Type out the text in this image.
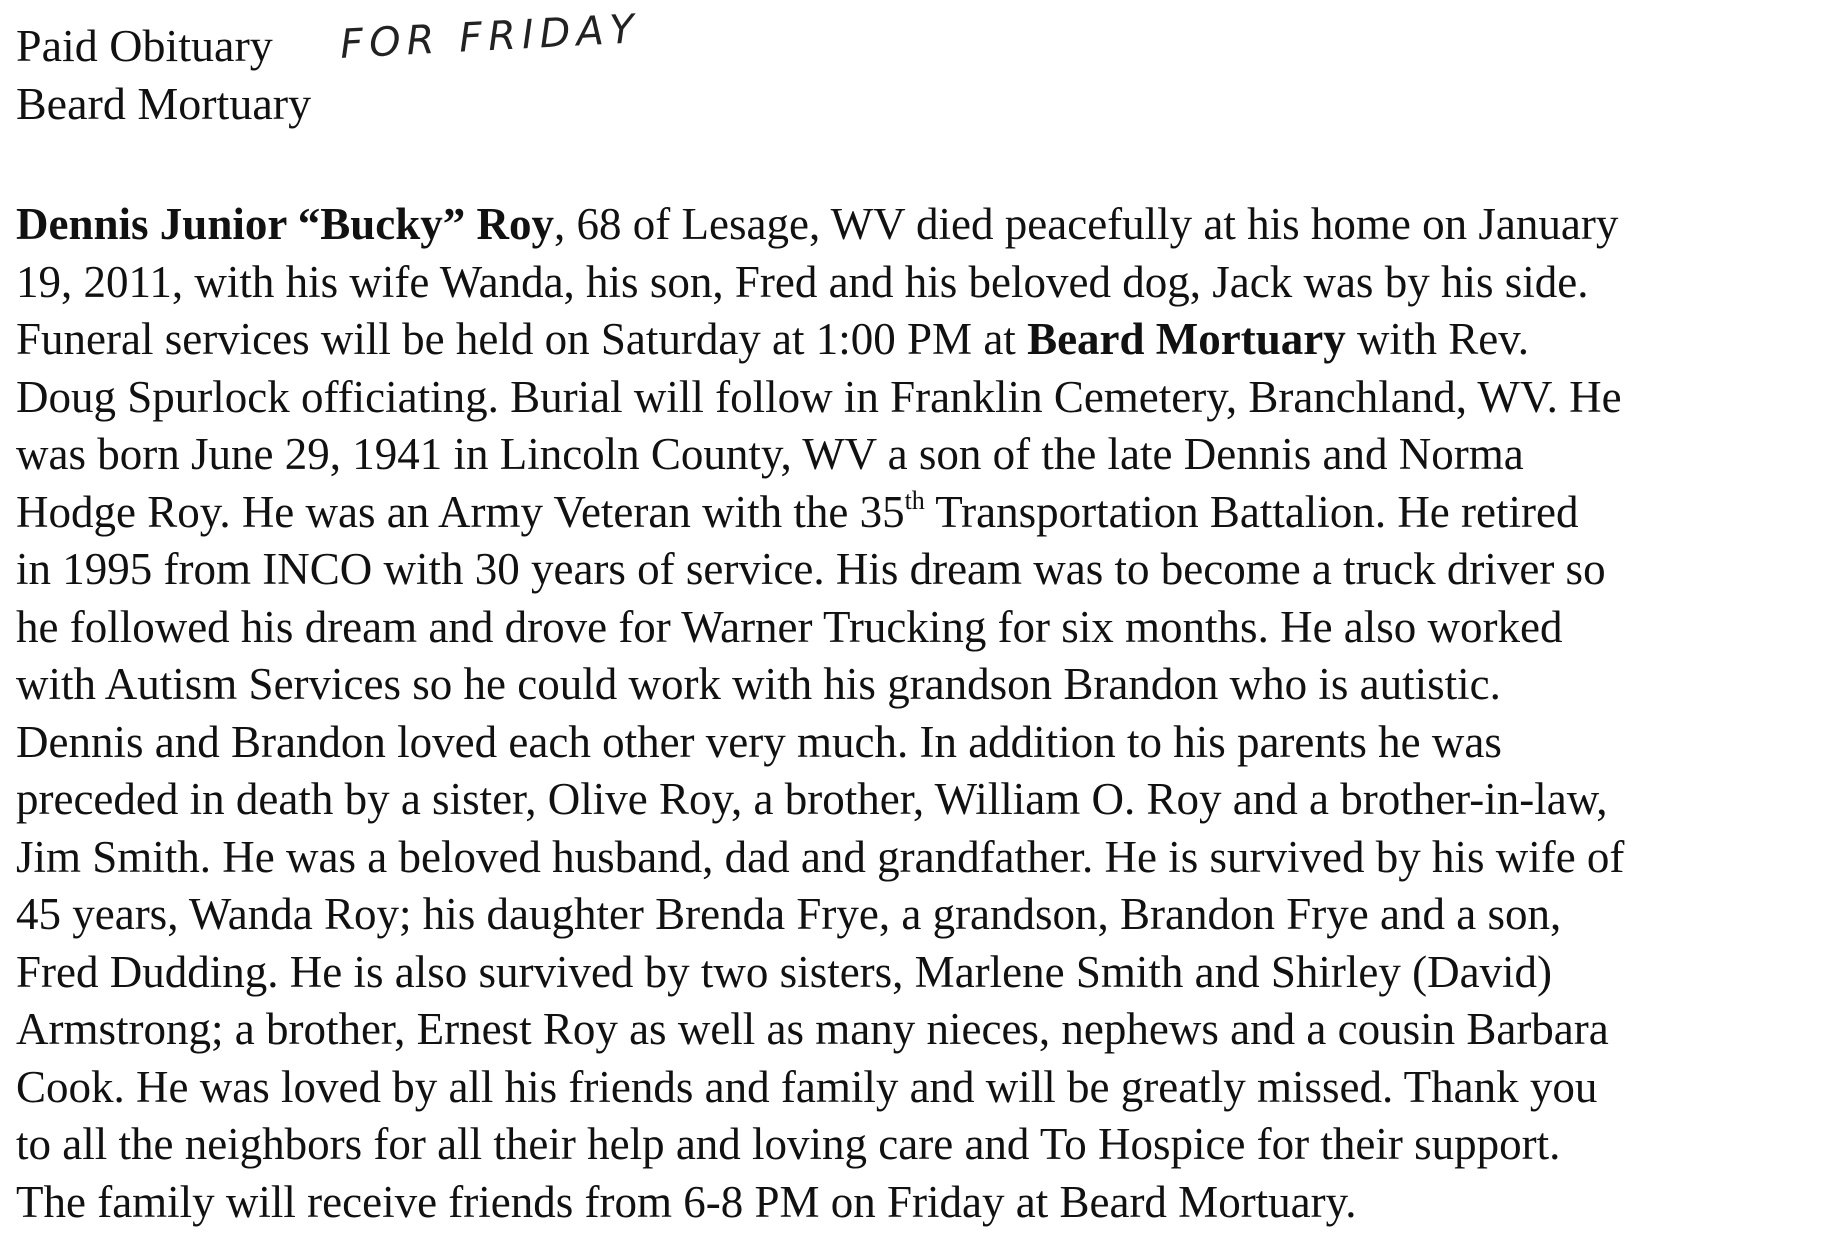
Paid Obituary FOR FRIDAY
Beard Mortuary
Dennis Junior “Bucky” Roy, 68 of Lesage, WV died peacefully at his home on January
19, 2011, with his wife Wanda, his son, Fred and his beloved dog, Jack was by his side.
Funeral services will be held on Saturday at 1:00 PM at Beard Mortuary with Rev.
Doug Spurlock officiating. Burial will follow in Franklin Cemetery, Branchland, WV. He
was born June 29, 1941 in Lincoln County, WV a son of the late Dennis and Norma
Hodge Roy. He was an Army Veteran with the 35th Transportation Battalion. He retired
in 1995 from INCO with 30 years of service. His dream was to become a truck driver so
he followed his dream and drove for Warner Trucking for six months. He also worked
with Autism Services so he could work with his grandson Brandon who is autistic.
Dennis and Brandon loved each other very much. In addition to his parents he was
preceded in death by a sister, Olive Roy, a brother, William O. Roy and a brother-in-law,
Jim Smith. He was a beloved husband, dad and grandfather. He is survived by his wife of
45 years, Wanda Roy; his daughter Brenda Frye, a grandson, Brandon Frye and a son,
Fred Dudding. He is also survived by two sisters, Marlene Smith and Shirley (David)
Armstrong; a brother, Ernest Roy as well as many nieces, nephews and a cousin Barbara
Cook. He was loved by all his friends and family and will be greatly missed. Thank you
to all the neighbors for all their help and loving care and To Hospice for their support.
The family will receive friends from 6-8 PM on Friday at Beard Mortuary.
